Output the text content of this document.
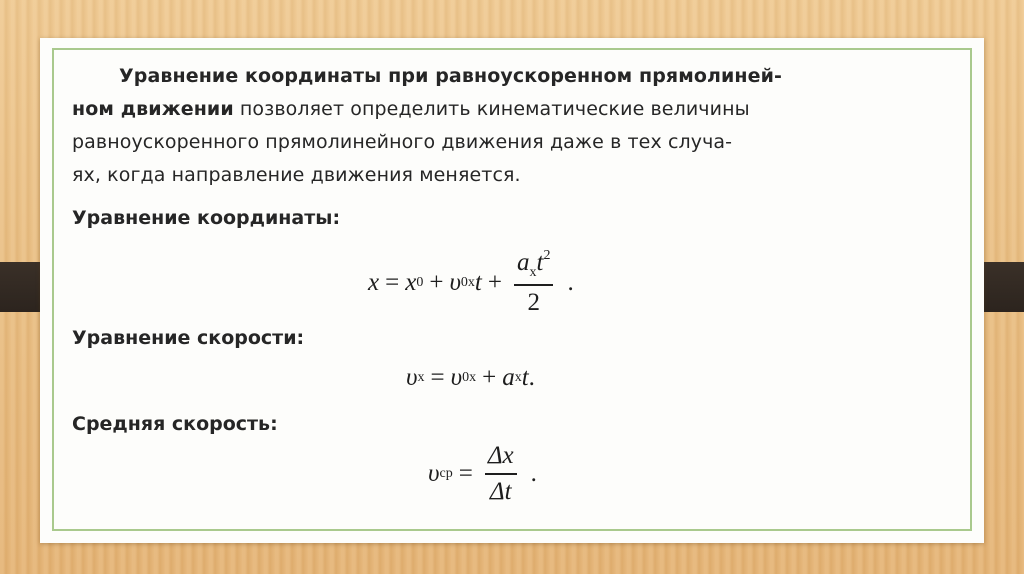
Уравнение координаты при равноускоренном прямолиней-
ном движении позволяет определить кинематические величины
равноускоренного прямолинейного движения даже в тех случа-
ях, когда направление движения меняется.

Уравнение координаты:

x = x 0 + υ 0x $t + \frac{a_xt^2}{2}$ .

Уравнение скорости:

υ x = υ 0x + a x t .

Средняя скорость:

υ ср = $\frac{\Delta x}{\Delta t}$ .
